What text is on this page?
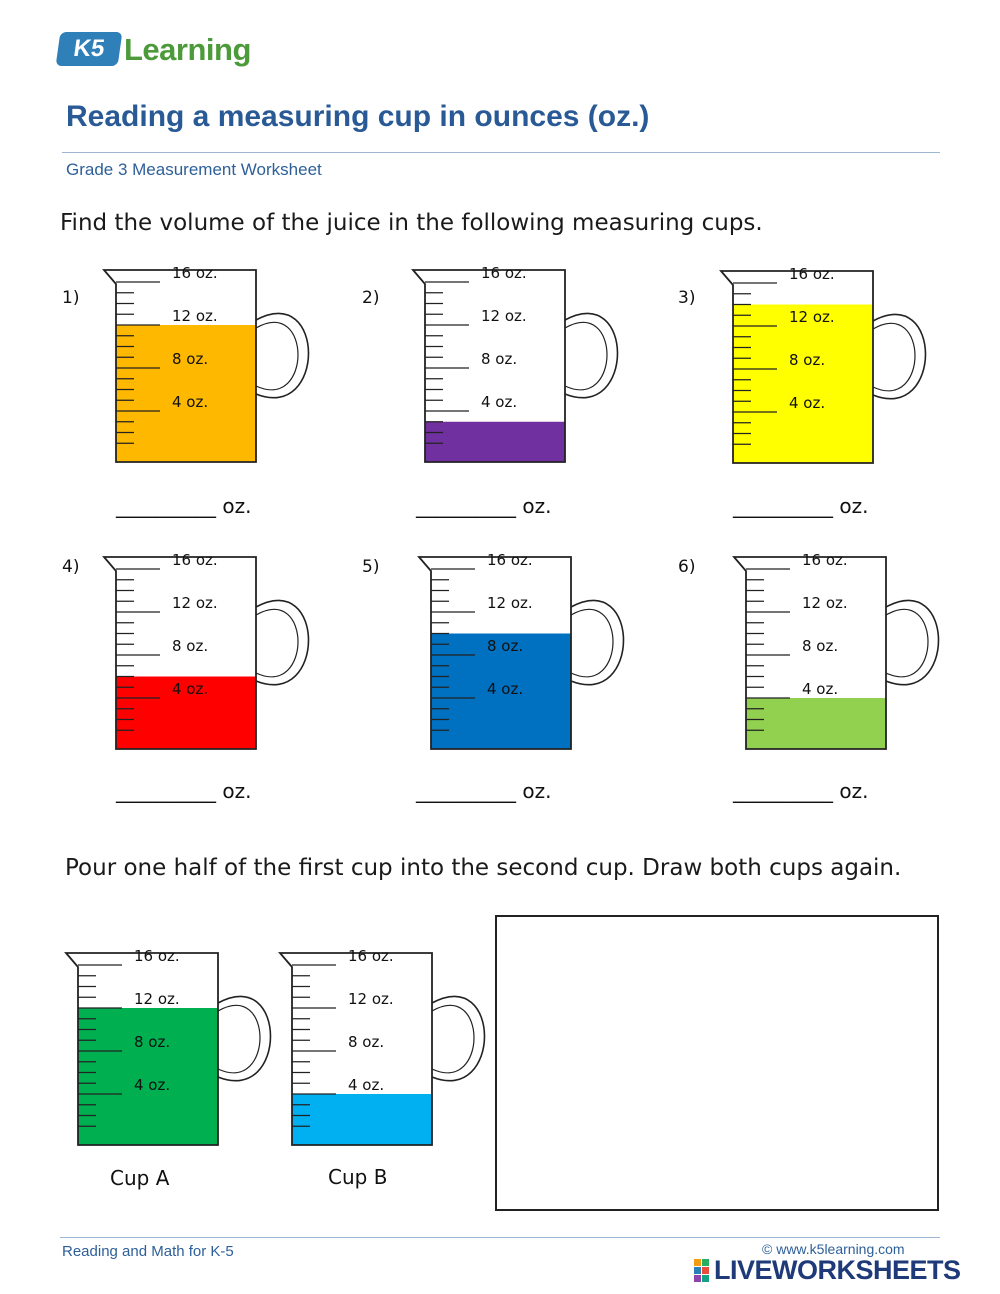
K5 Learning
Reading a measuring cup in ounces (oz.)
Grade 3 Measurement Worksheet
Find the volume of the juice in the following measuring cups.
1)
16 oz.
12 oz.
8 oz.
4 oz.
__________ oz.
2)
16 oz.
12 oz.
8 oz.
4 oz.
__________ oz.
3)
16 oz.
12 oz.
8 oz.
4 oz.
__________ oz.
4)	16 oz.
12 oz.
8 oz.
4 oz.
__________ oz.
5)	16 oz.
12 oz.
8 oz.
4 oz.
__________ oz.
6)	16 oz.
12 oz.
8 oz.
4 oz.
__________ oz.
Pour one half of the first cup into the second cup. Draw both cups again.
16 oz.
12 oz.
8 oz.
4 oz.
Cup A
16 oz.
12 oz.
8 oz.
4 oz.
Cup B
Reading and Math for K-5	© www.k5learning.com
LIVEWORKSHEETS
